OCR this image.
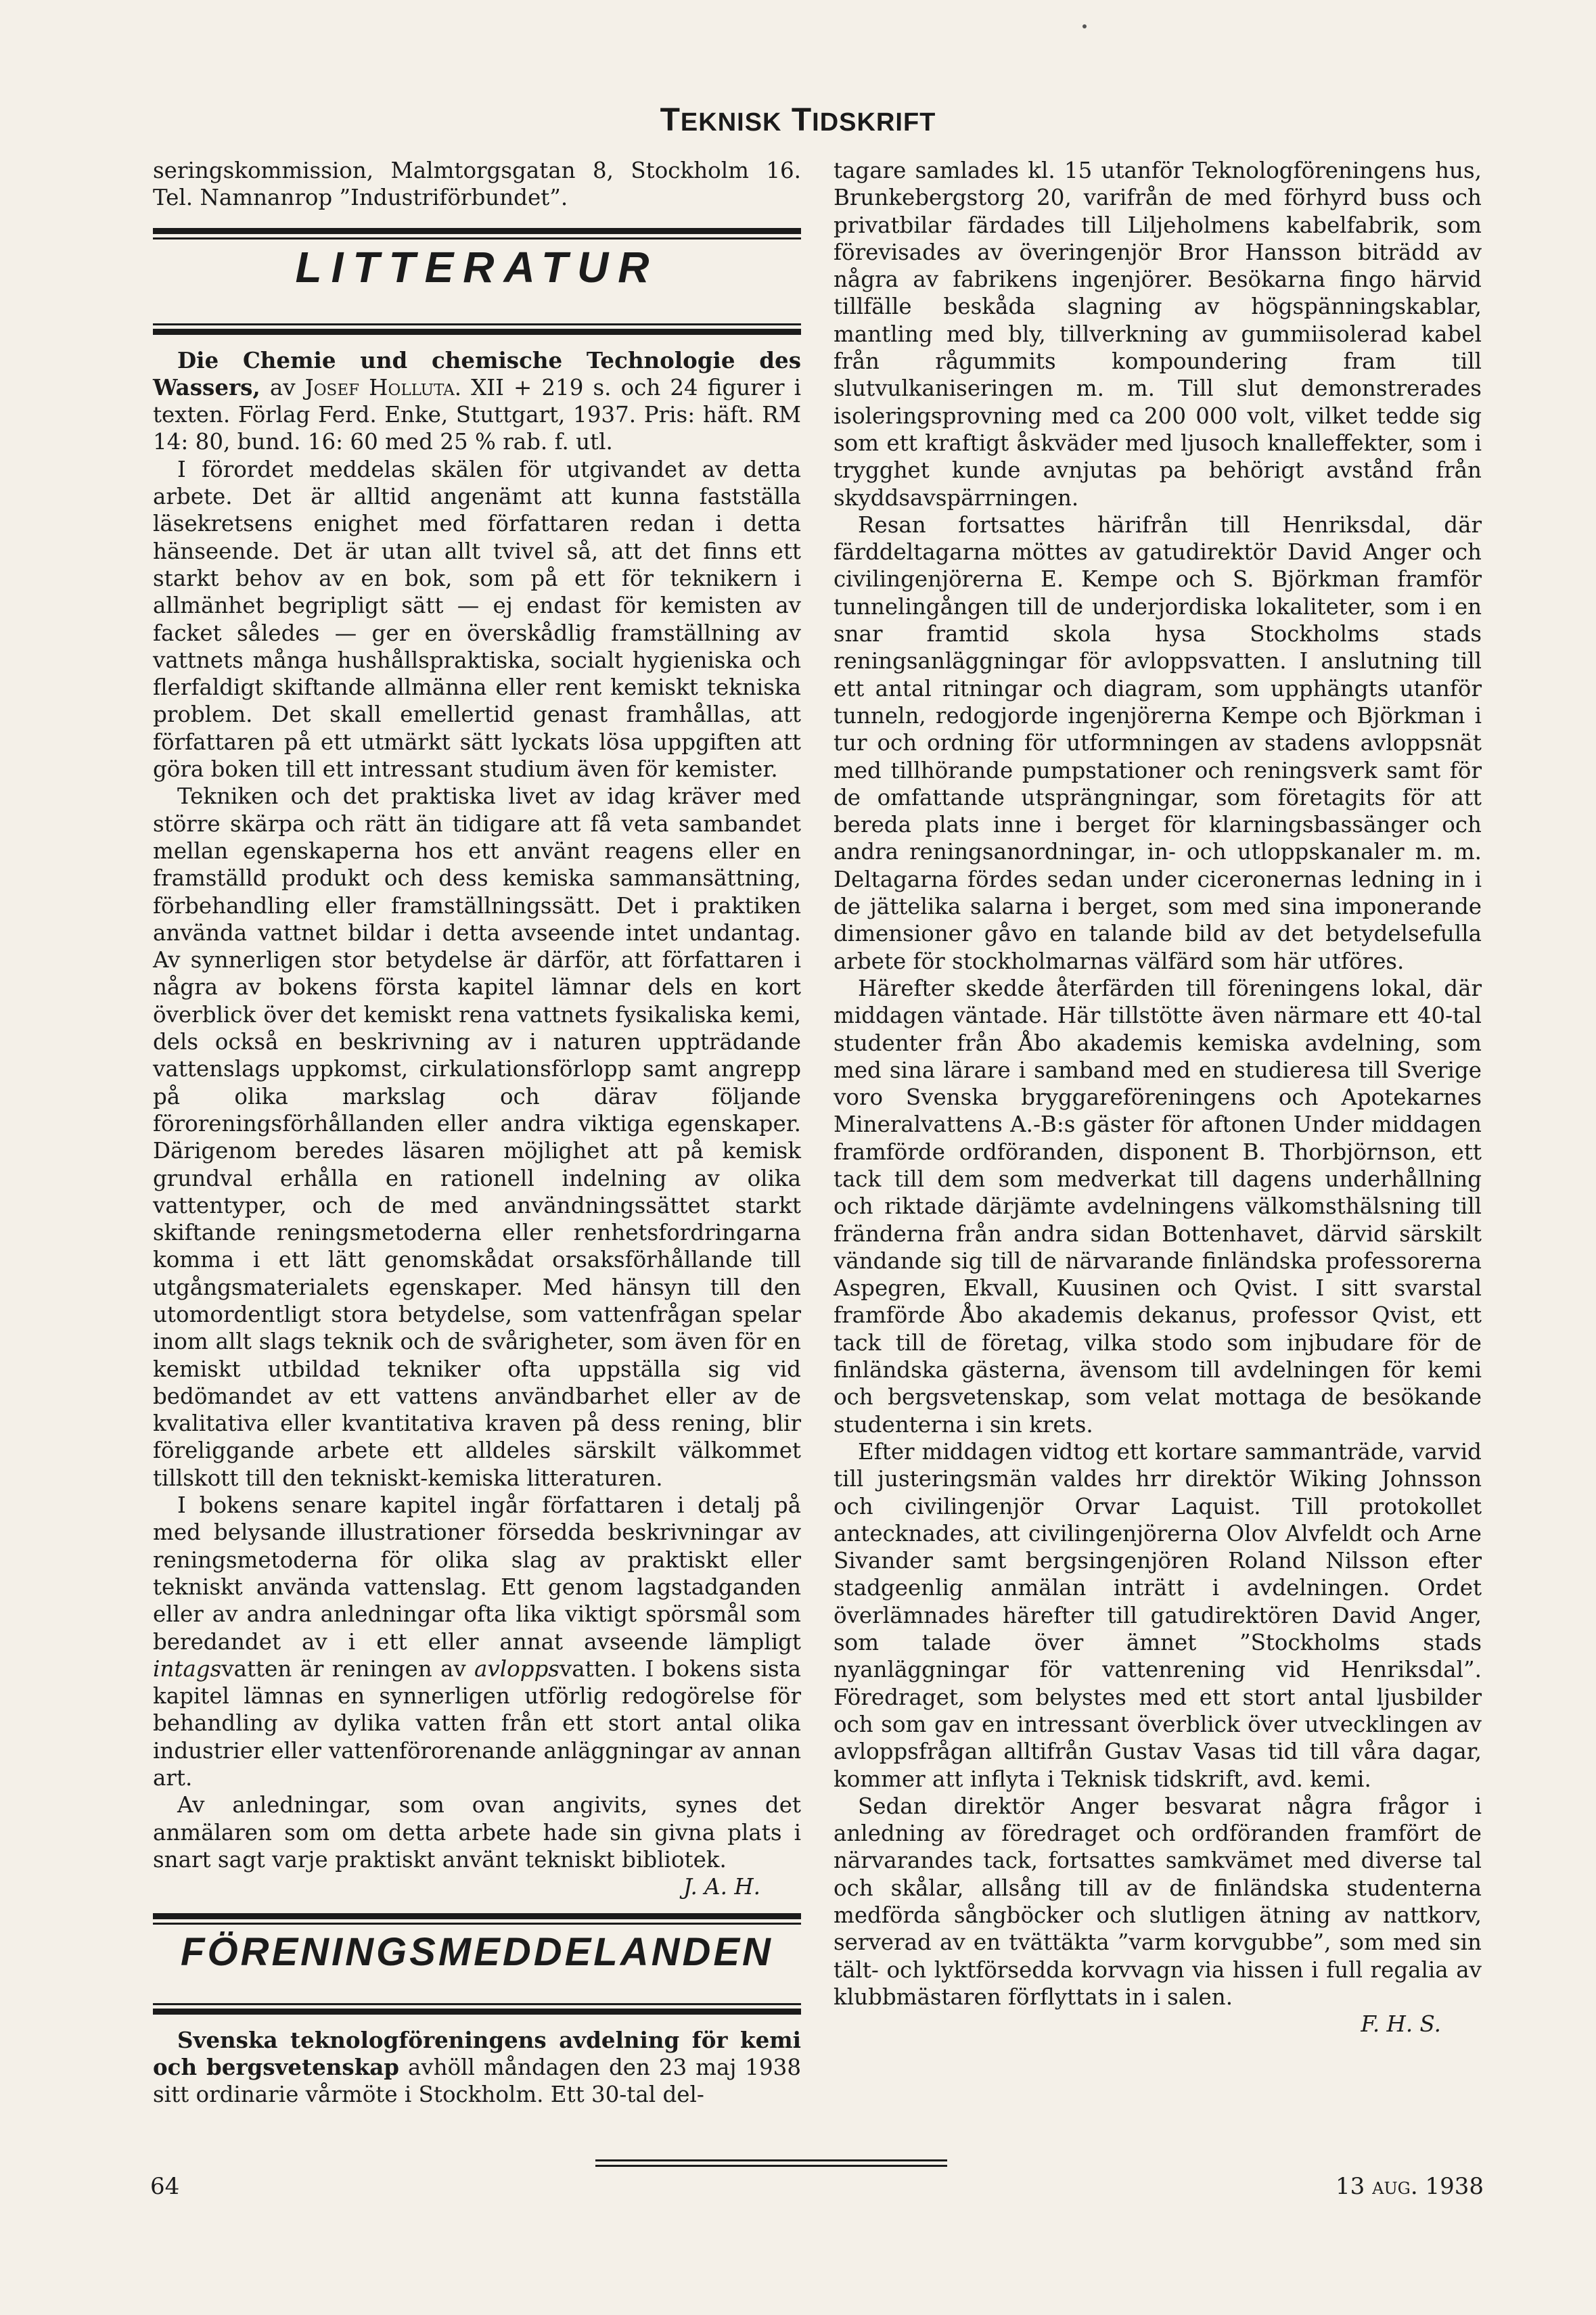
TEKNISK TIDSKRIFT

seringskommission, Malmtorgsgatan 8, Stockholm 16. Tel. Namnanrop ”Industriförbundet”.

LITTERATUR

Die Chemie und chemische Technologie des Wassers, av Josef Holluta. XII + 219 s. och 24 figurer i texten. Förlag Ferd. Enke, Stuttgart, 1937. Pris: häft. RM 14: 80, bund. 16: 60 med 25 % rab. f. utl.

I förordet meddelas skälen för utgivandet av detta arbete. Det är alltid angenämt att kunna fastställa läsekretsens enighet med författaren redan i detta hänseende. Det är utan allt tvivel så, att det finns ett starkt behov av en bok, som på ett för teknikern i allmänhet begripligt sätt — ej endast för kemisten av facket således — ger en överskådlig framställning av vattnets många hushållspraktiska, socialt hygieniska och flerfaldigt skiftande allmänna eller rent kemiskt tekniska problem. Det skall emellertid genast framhållas, att författaren på ett utmärkt sätt lyckats lösa uppgiften att göra boken till ett intressant studium även för kemister.

Tekniken och det praktiska livet av idag kräver med större skärpa och rätt än tidigare att få veta sambandet mellan egenskaperna hos ett använt reagens eller en framställd produkt och dess kemiska sammansättning, förbehandling eller framställningssätt. Det i praktiken använda vattnet bildar i detta avseende intet undantag. Av synnerligen stor betydelse är därför, att författaren i några av bokens första kapitel lämnar dels en kort överblick över det kemiskt rena vattnets fysikaliska kemi, dels också en beskrivning av i naturen uppträdande vattenslags uppkomst, cirkulationsförlopp samt angrepp på olika markslag och därav följande föroreningsförhållanden eller andra viktiga egenskaper. Därigenom beredes läsaren möjlighet att på kemisk grundval erhålla en rationell indelning av olika vattentyper, och de med användningssättet starkt skiftande reningsmetoderna eller renhetsfordringarna komma i ett lätt genomskådat orsaksförhållande till utgångsmaterialets egenskaper. Med hänsyn till den utomordentligt stora betydelse, som vattenfrågan spelar inom allt slags teknik och de svårigheter, som även för en kemiskt utbildad tekniker ofta uppställa sig vid bedömandet av ett vattens användbarhet eller av de kvalitativa eller kvantitativa kraven på dess rening, blir föreliggande arbete ett alldeles särskilt välkommet tillskott till den tekniskt-kemiska litteraturen.

I bokens senare kapitel ingår författaren i detalj på med belysande illustrationer försedda beskrivningar av reningsmetoderna för olika slag av praktiskt eller tekniskt använda vattenslag. Ett genom lagstadganden eller av andra anledningar ofta lika viktigt spörsmål som beredandet av i ett eller annat avseende lämpligt intagsvatten är reningen av avloppsvatten. I bokens sista kapitel lämnas en synnerligen utförlig redogörelse för behandling av dylika vatten från ett stort antal olika industrier eller vattenförorenande anläggningar av annan art.

Av anledningar, som ovan angivits, synes det anmälaren som om detta arbete hade sin givna plats i snart sagt varje praktiskt använt tekniskt bibliotek.

J. A. H.
FÖRENINGSMEDDELANDEN

Svenska teknologföreningens avdelning för kemi och bergsvetenskap avhöll måndagen den 23 maj 1938 sitt ordinarie vårmöte i Stockholm. Ett 30-tal del-

tagare samlades kl. 15 utanför Teknologföreningens hus, Brunkebergstorg 20, varifrån de med förhyrd buss och privatbilar färdades till Liljeholmens kabelfabrik, som förevisades av överingenjör Bror Hansson biträdd av några av fabrikens ingenjörer. Besökarna fingo härvid tillfälle beskåda slagning av högspänningskablar, mantling med bly, tillverkning av gummiisolerad kabel från rågummits kompoundering fram till slutvulkaniseringen m. m. Till slut demonstrerades isoleringsprovning med ca 200 000 volt, vilket tedde sig som ett kraftigt åskväder med ljusoch knalleffekter, som i trygghet kunde avnjutas pa behörigt avstånd från skyddsavspärrningen.

Resan fortsattes härifrån till Henriksdal, där färddeltagarna möttes av gatudirektör David Anger och civilingenjörerna E. Kempe och S. Björkman framför tunnelingången till de underjordiska lokaliteter, som i en snar framtid skola hysa Stockholms stads reningsanläggningar för avloppsvatten. I anslutning till ett antal ritningar och diagram, som upphängts utanför tunneln, redogjorde ingenjörerna Kempe och Björkman i tur och ordning för utformningen av stadens avloppsnät med tillhörande pumpstationer och reningsverk samt för de omfattande utsprängningar, som företagits för att bereda plats inne i berget för klarningsbassänger och andra reningsanordningar, in- och utloppskanaler m. m. Deltagarna fördes sedan under ciceronernas ledning in i de jättelika salarna i berget, som med sina imponerande dimensioner gåvo en talande bild av det betydelsefulla arbete för stockholmarnas välfärd som här utföres.

Härefter skedde återfärden till föreningens lokal, där middagen väntade. Här tillstötte även närmare ett 40-tal studenter från Åbo akademis kemiska avdelning, som med sina lärare i samband med en studieresa till Sverige voro Svenska bryggareföreningens och Apotekarnes Mineralvattens A.-B:s gäster för aftonen Under middagen framförde ordföranden, disponent B. Thorbjörnson, ett tack till dem som medverkat till dagens underhållning och riktade därjämte avdelningens välkomsthälsning till fränderna från andra sidan Bottenhavet, därvid särskilt vändande sig till de närvarande finländska professorerna Aspegren, Ekvall, Kuusinen och Qvist. I sitt svarstal framförde Åbo akademis dekanus, professor Qvist, ett tack till de företag, vilka stodo som injbudare för de finländska gästerna, ävensom till avdelningen för kemi och bergsvetenskap, som velat mottaga de besökande studenterna i sin krets.

Efter middagen vidtog ett kortare sammanträde, varvid till justeringsmän valdes hrr direktör Wiking Johnsson och civilingenjör Orvar Laquist. Till protokollet antecknades, att civilingenjörerna Olov Alvfeldt och Arne Sivander samt bergsingenjören Roland Nilsson efter stadgeenlig anmälan inträtt i avdelningen. Ordet överlämnades härefter till gatudirektören David Anger, som talade över ämnet ”Stockholms stads nyanläggningar för vattenrening vid Henriksdal”. Föredraget, som belystes med ett stort antal ljusbilder och som gav en intressant överblick över utvecklingen av avloppsfrågan alltifrån Gustav Vasas tid till våra dagar, kommer att inflyta i Teknisk tidskrift, avd. kemi.

Sedan direktör Anger besvarat några frågor i anledning av föredraget och ordföranden framfört de närvarandes tack, fortsattes samkvämet med diverse tal och skålar, allsång till av de finländska studenterna medförda sångböcker och slutligen ätning av nattkorv, serverad av en tvättäkta ”varm korvgubbe”, som med sin tält- och lyktförsedda korvvagn via hissen i full regalia av klubbmästaren förflyttats in i salen.

F. H. S.
64	13 aug. 1938
